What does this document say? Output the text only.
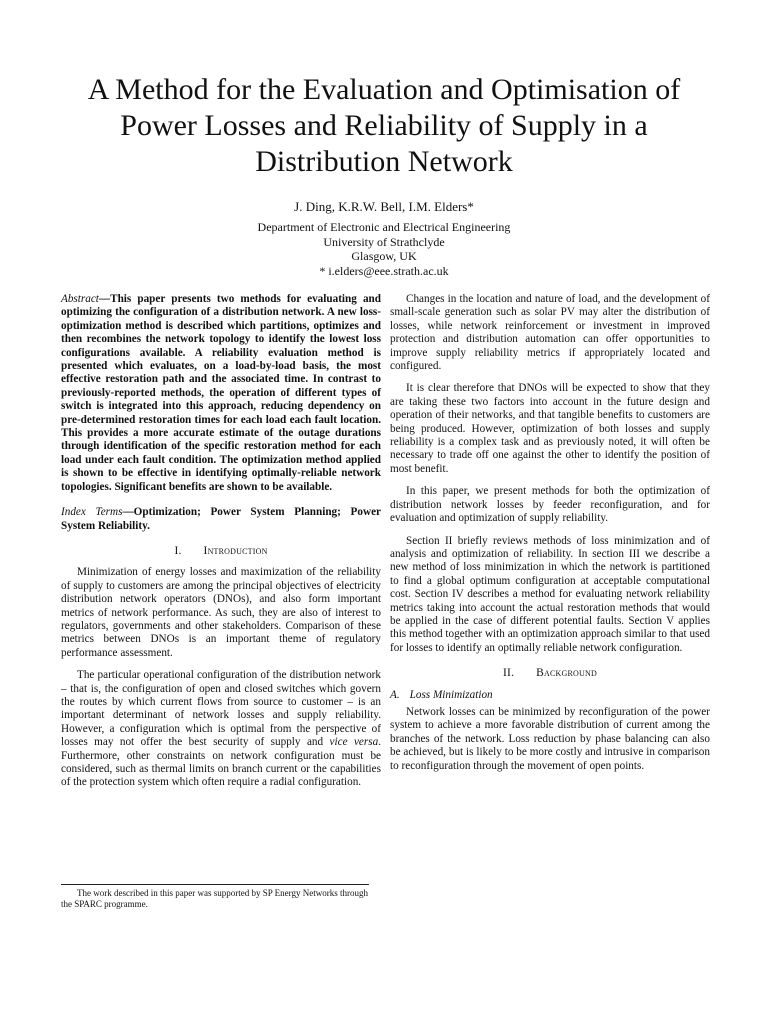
A Method for the Evaluation and Optimisation of Power Losses and Reliability of Supply in a Distribution Network
J. Ding, K.R.W. Bell, I.M. Elders*
Department of Electronic and Electrical Engineering
University of Strathclyde
Glasgow, UK
* i.elders@eee.strath.ac.uk

Abstract—This paper presents two methods for evaluating and optimizing the configuration of a distribution network. A new loss-optimization method is described which partitions, optimizes and then recombines the network topology to identify the lowest loss configurations available. A reliability evaluation method is presented which evaluates, on a load-by-load basis, the most effective restoration path and the associated time. In contrast to previously-reported methods, the operation of different types of switch is integrated into this approach, reducing dependency on pre-determined restoration times for each load each fault location. This provides a more accurate estimate of the outage durations through identification of the specific restoration method for each load under each fault condition. The optimization method applied is shown to be effective in identifying optimally-reliable network topologies. Significant benefits are shown to be available.

Index Terms—Optimization; Power System Planning; Power System Reliability.

I. Introduction

Minimization of energy losses and maximization of the reliability of supply to customers are among the principal objectives of electricity distribution network operators (DNOs), and also form important metrics of network performance. As such, they are also of interest to regulators, governments and other stakeholders. Comparison of these metrics between DNOs is an important theme of regulatory performance assessment.

The particular operational configuration of the distribution network – that is, the configuration of open and closed switches which govern the routes by which current flows from source to customer – is an important determinant of network losses and supply reliability. However, a configuration which is optimal from the perspective of losses may not offer the best security of supply and vice versa. Furthermore, other constraints on network configuration must be considered, such as thermal limits on branch current or the capabilities of the protection system which often require a radial configuration.

Changes in the location and nature of load, and the development of small-scale generation such as solar PV may alter the distribution of losses, while network reinforcement or investment in improved protection and distribution automation can offer opportunities to improve supply reliability metrics if appropriately located and configured.

It is clear therefore that DNOs will be expected to show that they are taking these two factors into account in the future design and operation of their networks, and that tangible benefits to customers are being produced. However, optimization of both losses and supply reliability is a complex task and as previously noted, it will often be necessary to trade off one against the other to identify the position of most benefit.

In this paper, we present methods for both the optimization of distribution network losses by feeder reconfiguration, and for evaluation and optimization of supply reliability.

Section II briefly reviews methods of loss minimization and of analysis and optimization of reliability. In section III we describe a new method of loss minimization in which the network is partitioned to find a global optimum configuration at acceptable computational cost. Section IV describes a method for evaluating network reliability metrics taking into account the actual restoration methods that would be applied in the case of different potential faults. Section V applies this method together with an optimization approach similar to that used for losses to identify an optimally reliable network configuration.

II. Background
A. Loss Minimization

Network losses can be minimized by reconfiguration of the power system to achieve a more favorable distribution of current among the branches of the network. Loss reduction by phase balancing can also be achieved, but is likely to be more costly and intrusive in comparison to reconfiguration through the movement of open points.

The work described in this paper was supported by SP Energy Networks through the SPARC programme.
